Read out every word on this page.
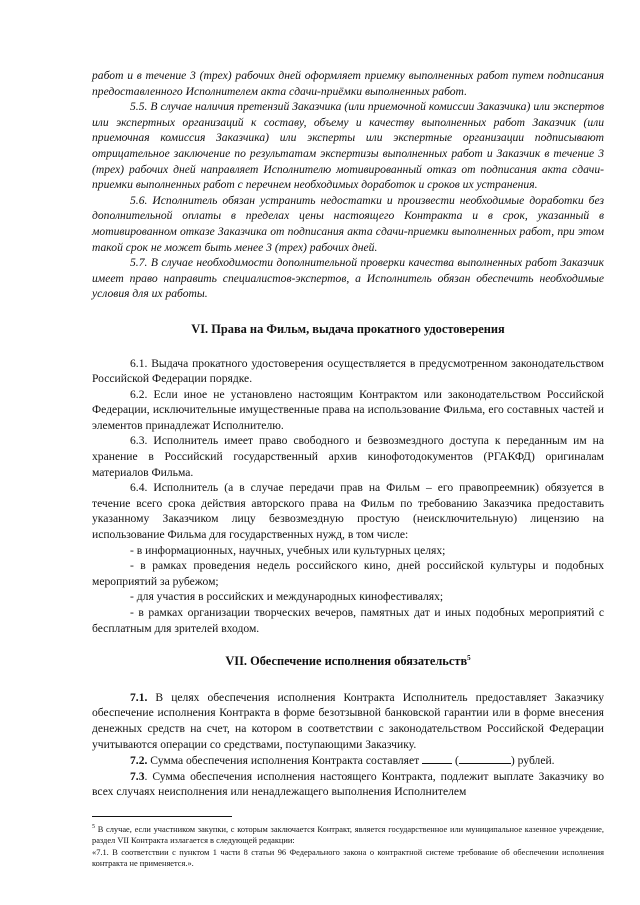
работ и в течение 3 (трех) рабочих дней оформляет приемку выполненных работ путем подписания предоставленного Исполнителем акта сдачи-приёмки выполненных работ.

5.5. В случае наличия претензий Заказчика (или приемочной комиссии Заказчика) или экспертов или экспертных организаций к составу, объему и качеству выполненных работ Заказчик (или приемочная комиссия Заказчика) или эксперты или экспертные организации подписывают отрицательное заключение по результатам экспертизы выполненных работ и Заказчик в течение 3 (трех) рабочих дней направляет Исполнителю мотивированный отказ от подписания акта сдачи-приемки выполненных работ с перечнем необходимых доработок и сроков их устранения.

5.6. Исполнитель обязан устранить недостатки и произвести необходимые доработки без дополнительной оплаты в пределах цены настоящего Контракта и в срок, указанный в мотивированном отказе Заказчика от подписания акта сдачи-приемки выполненных работ, при этом такой срок не может быть менее 3 (трех) рабочих дней.

5.7. В случае необходимости дополнительной проверки качества выполненных работ Заказчик имеет право направить специалистов-экспертов, а Исполнитель обязан обеспечить необходимые условия для их работы.

VI. Права на Фильм, выдача прокатного удостоверения

6.1. Выдача прокатного удостоверения осуществляется в предусмотренном законодательством Российской Федерации порядке.

6.2. Если иное не установлено настоящим Контрактом или законодательством Российской Федерации, исключительные имущественные права на использование Фильма, его составных частей и элементов принадлежат Исполнителю.

6.3. Исполнитель имеет право свободного и безвозмездного доступа к переданным им на хранение в Российский государственный архив кинофотодокументов (РГАКФД) оригиналам материалов Фильма.

6.4. Исполнитель (а в случае передачи прав на Фильм – его правопреемник) обязуется в течение всего срока действия авторского права на Фильм по требованию Заказчика предоставить указанному Заказчиком лицу безвозмездную простую (неисключительную) лицензию на использование Фильма для государственных нужд, в том числе:

- в информационных, научных, учебных или культурных целях;

- в рамках проведения недель российского кино, дней российской культуры и подобных мероприятий за рубежом;

- для участия в российских и международных кинофестивалях;

- в рамках организации творческих вечеров, памятных дат и иных подобных мероприятий с бесплатным для зрителей входом.

VII. Обеспечение исполнения обязательств$^5$

7.1. В целях обеспечения исполнения Контракта Исполнитель предоставляет Заказчику обеспечение исполнения Контракта в форме безотзывной банковской гарантии или в форме внесения денежных средств на счет, на котором в соответствии с законодательством Российской Федерации учитываются операции со средствами, поступающими Заказчику.

7.2. Сумма обеспечения исполнения Контракта составляет	(	) рублей.

7.3. Сумма обеспечения исполнения настоящего Контракта, подлежит выплате Заказчику во всех случаях неисполнения или ненадлежащего выполнения Исполнителем

$^5$ В случае, если участником закупки, с которым заключается Контракт, является государственное или муниципальное казенное учреждение, раздел VII Контракта излагается в следующей редакции:

«7.1. В соответствии с пунктом 1 части 8 статьи 96 Федерального закона о контрактной системе требование об обеспечении исполнения контракта не применяется.».
